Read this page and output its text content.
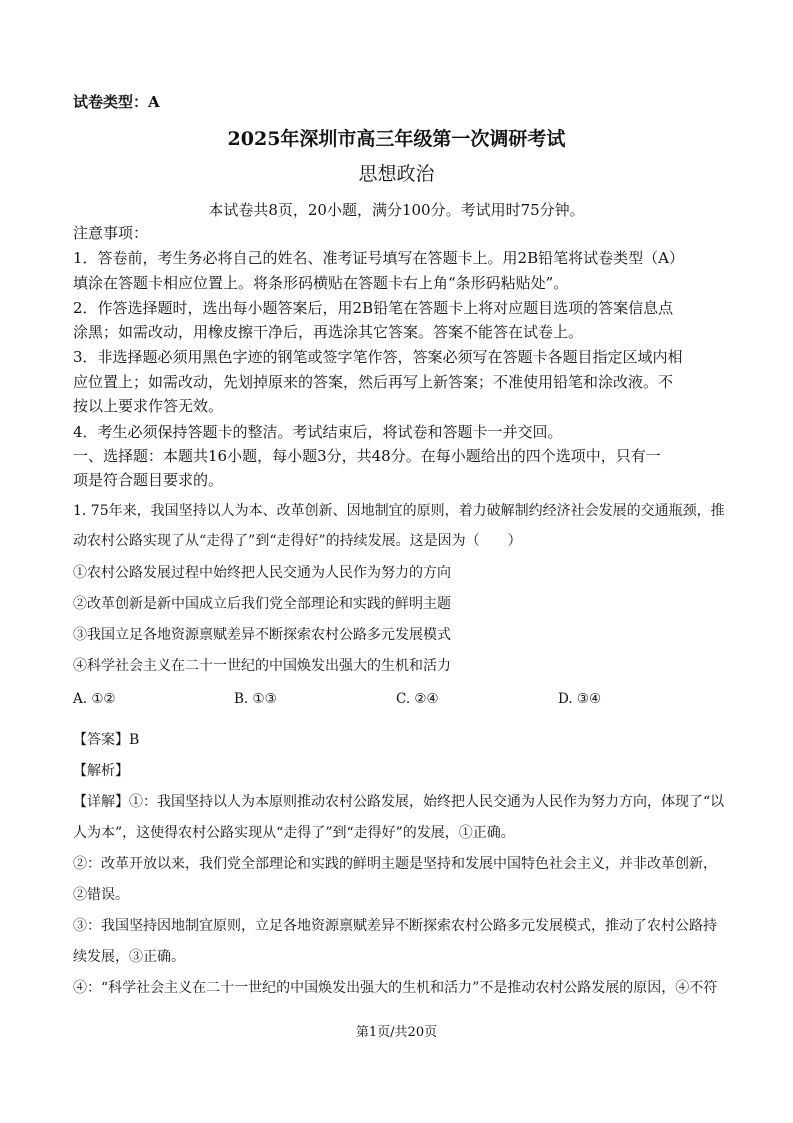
试卷类型：A
2025年深圳市高三年级第一次调研考试
思想政治
本试卷共8页，20小题，满分100分。考试用时75分钟。
注意事项：
1．答卷前，考生务必将自己的姓名、准考证号填写在答题卡上。用2B铅笔将试卷类型（A）
填涂在答题卡相应位置上。将条形码横贴在答题卡右上角“条形码粘贴处”。
2．作答选择题时，选出每小题答案后，用2B铅笔在答题卡上将对应题目选项的答案信息点
涂黑；如需改动，用橡皮擦干净后，再选涂其它答案。答案不能答在试卷上。
3．非选择题必须用黑色字迹的钢笔或签字笔作答，答案必须写在答题卡各题目指定区域内相
应位置上；如需改动，先划掉原来的答案，然后再写上新答案；不准使用铅笔和涂改液。不
按以上要求作答无效。
4．考生必须保持答题卡的整洁。考试结束后，将试卷和答题卡一并交回。
一、选择题：本题共16小题，每小题3分，共48分。在每小题给出的四个选项中，只有一
项是符合题目要求的。
1. 75年来，我国坚持以人为本、改革创新、因地制宜的原则，着力破解制约经济社会发展的交通瓶颈，推
动农村公路实现了从“走得了”到“走得好”的持续发展。这是因为（　　）
①农村公路发展过程中始终把人民交通为人民作为努力的方向
②改革创新是新中国成立后我们党全部理论和实践的鲜明主题
③我国立足各地资源禀赋差异不断探索农村公路多元发展模式
④科学社会主义在二十一世纪的中国焕发出强大的生机和活力
A. ①②	B. ①③	C. ②④	D. ③④
【答案】B
【解析】
【详解】①：我国坚持以人为本原则推动农村公路发展，始终把人民交通为人民作为努力方向，体现了“以
人为本”，这使得农村公路实现从“走得了”到“走得好”的发展，①正确。
②：改革开放以来，我们党全部理论和实践的鲜明主题是坚持和发展中国特色社会主义，并非改革创新，
②错误。
③：我国坚持因地制宜原则，立足各地资源禀赋差异不断探索农村公路多元发展模式，推动了农村公路持
续发展，③正确。
④：“科学社会主义在二十一世纪的中国焕发出强大的生机和活力”不是推动农村公路发展的原因，④不符
第1页/共20页
